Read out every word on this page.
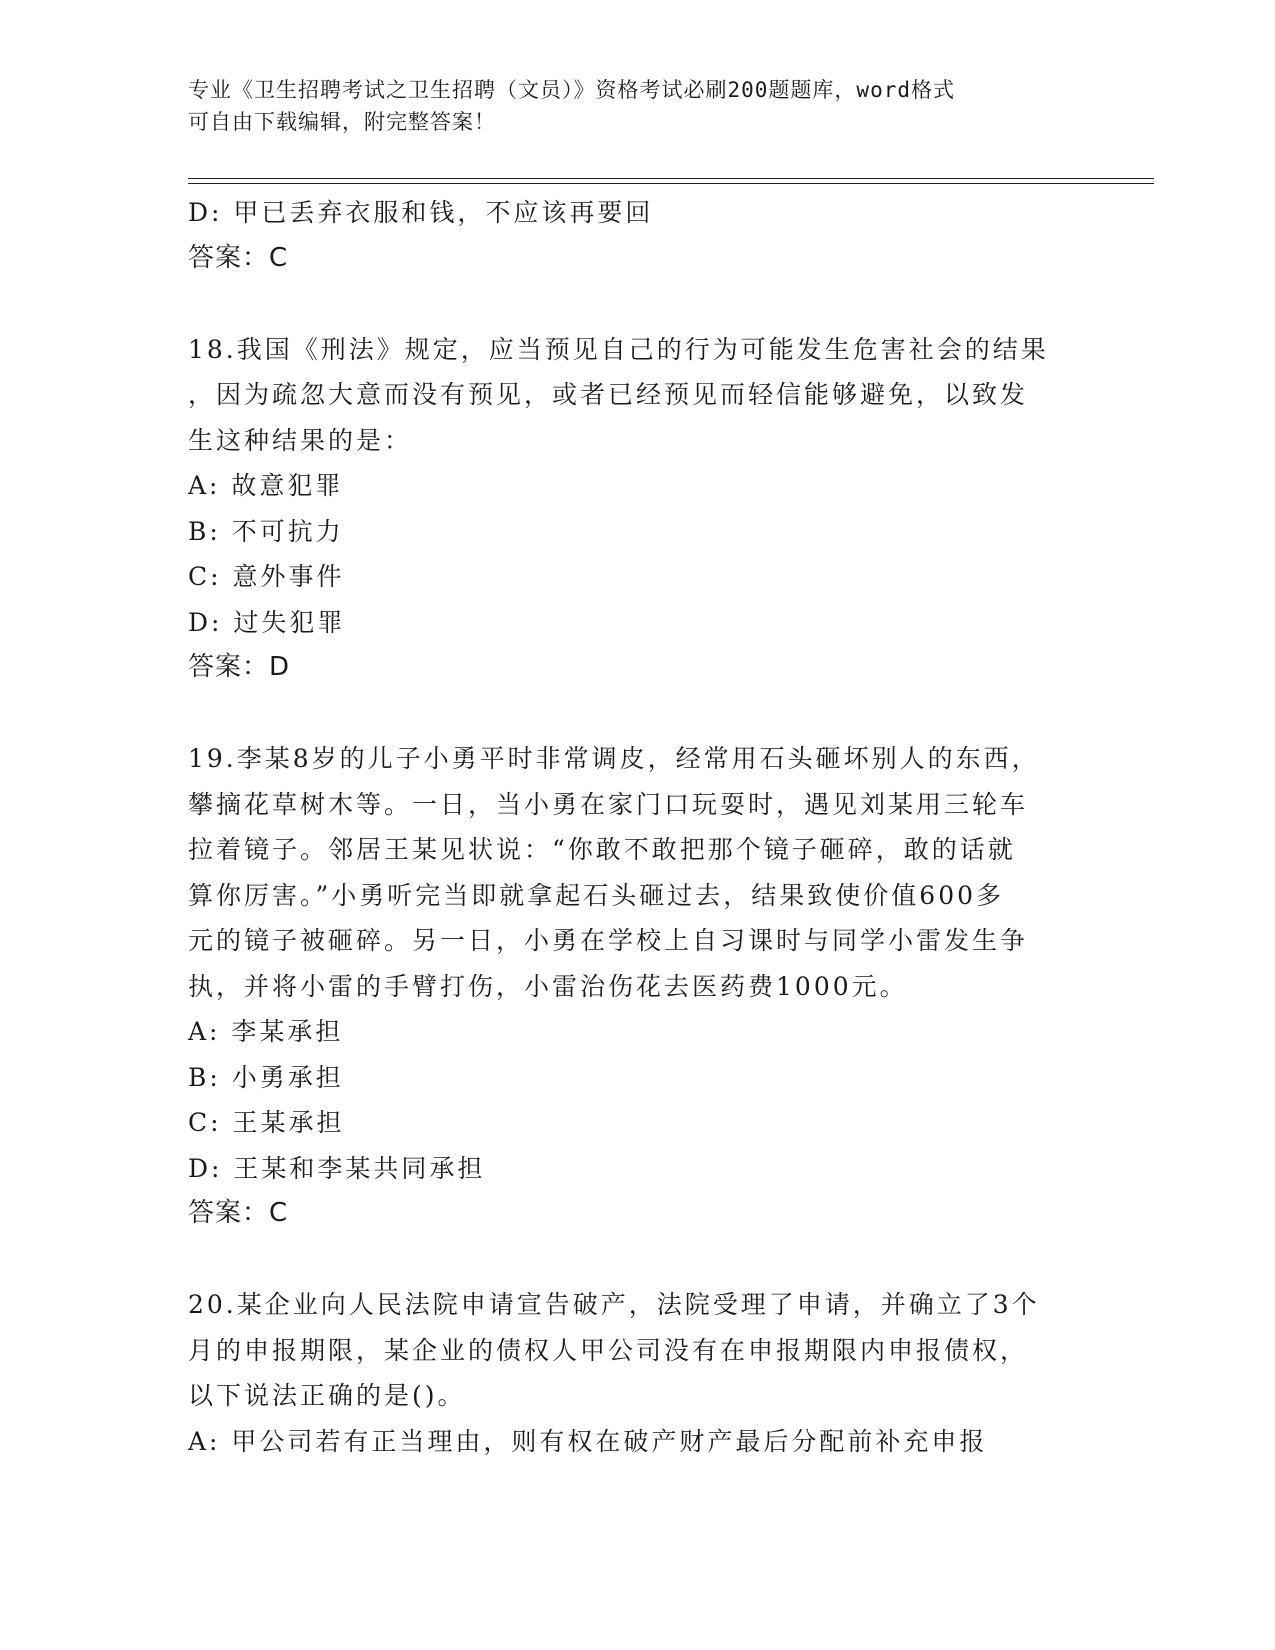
专业《卫生招聘考试之卫生招聘（文员）》资格考试必刷200题题库，word格式
可自由下载编辑，附完整答案！
D: 甲已丢弃衣服和钱，不应该再要回
答案：C
18.我国《刑法》规定，应当预见自己的行为可能发生危害社会的结果
，因为疏忽大意而没有预见，或者已经预见而轻信能够避免，以致发
生这种结果的是：
A: 故意犯罪
B: 不可抗力
C: 意外事件
D: 过失犯罪
答案：D
19.李某8岁的儿子小勇平时非常调皮，经常用石头砸坏别人的东西，
攀摘花草树木等。一日，当小勇在家门口玩耍时，遇见刘某用三轮车
拉着镜子。邻居王某见状说：“你敢不敢把那个镜子砸碎，敢的话就
算你厉害。”小勇听完当即就拿起石头砸过去，结果致使价值600多
元的镜子被砸碎。另一日，小勇在学校上自习课时与同学小雷发生争
执，并将小雷的手臂打伤，小雷治伤花去医药费1000元。
A: 李某承担
B: 小勇承担
C: 王某承担
D: 王某和李某共同承担
答案：C
20.某企业向人民法院申请宣告破产，法院受理了申请，并确立了3个
月的申报期限，某企业的债权人甲公司没有在申报期限内申报债权，
以下说法正确的是()。
A: 甲公司若有正当理由，则有权在破产财产最后分配前补充申报
